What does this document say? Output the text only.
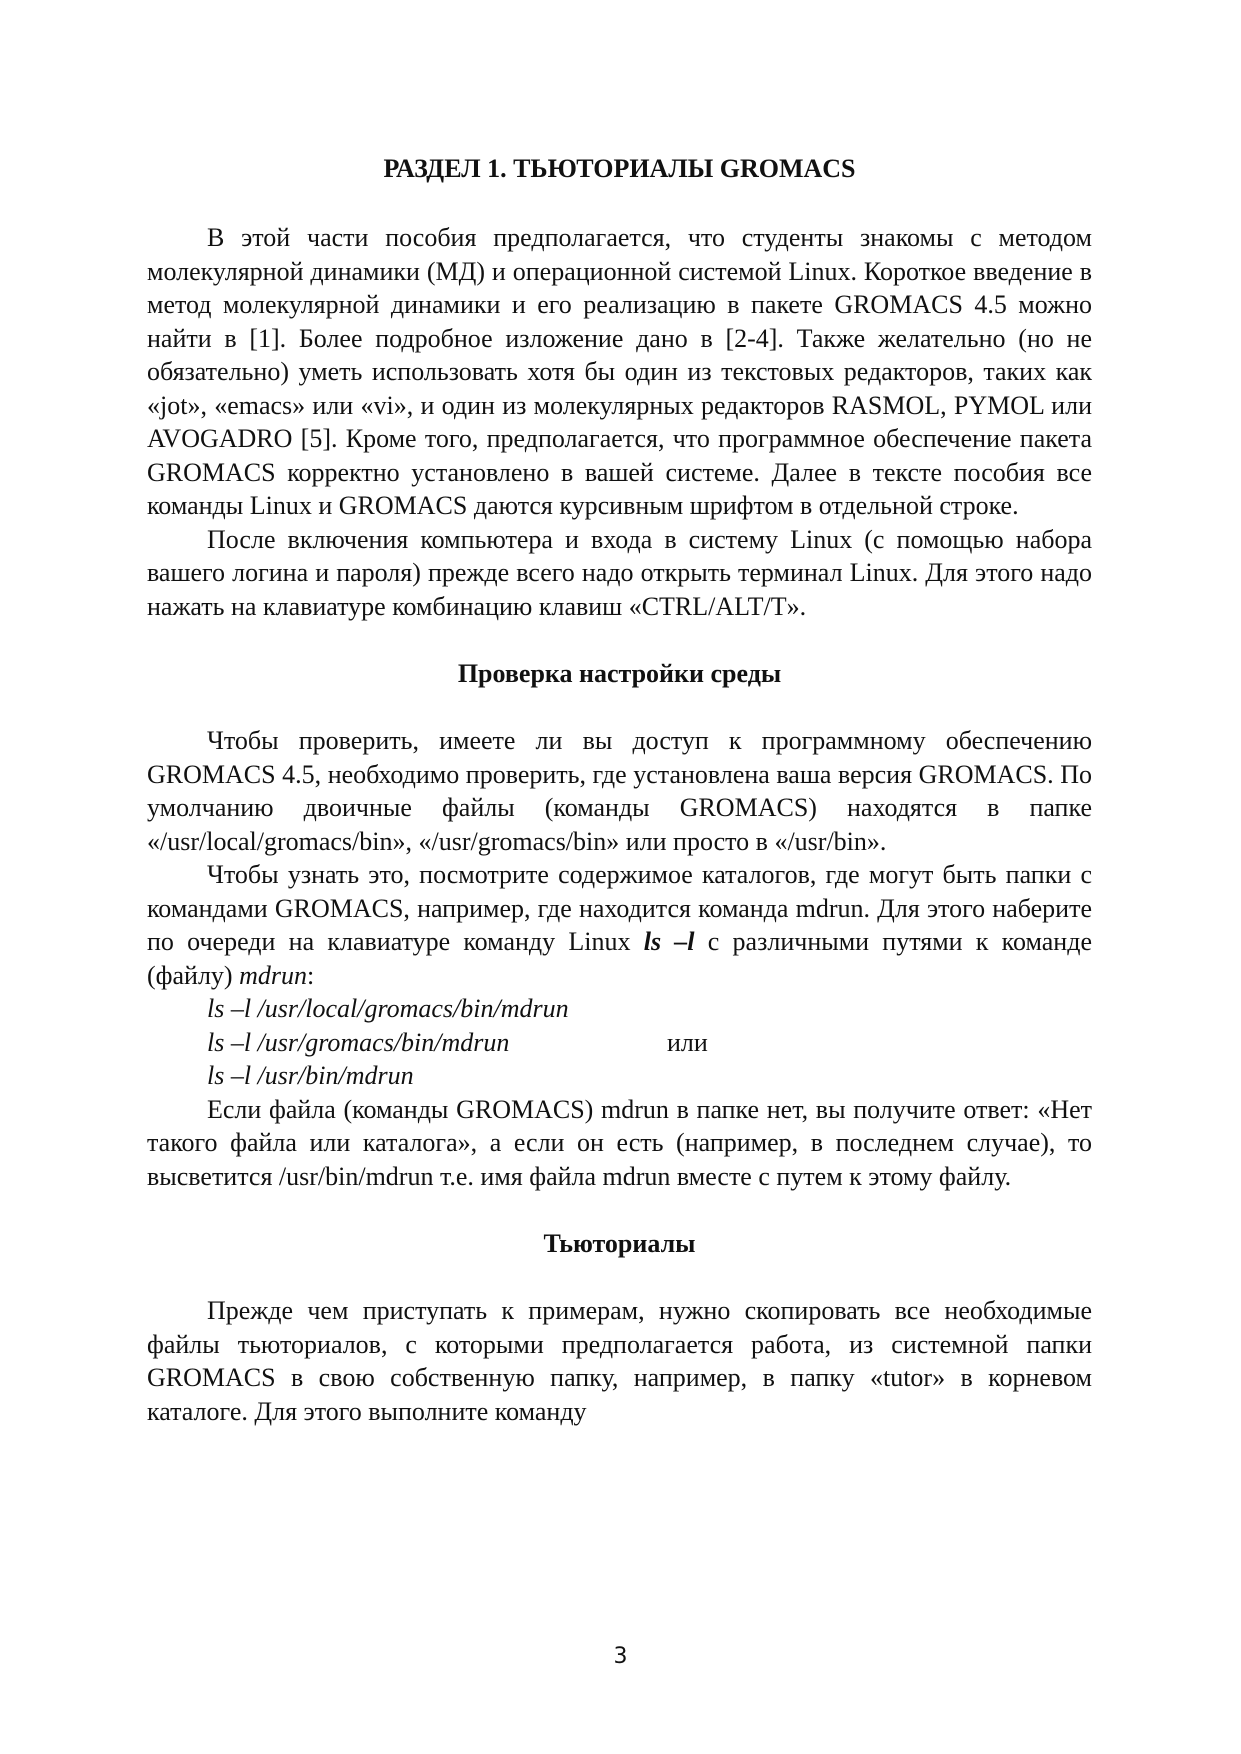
РАЗДЕЛ 1. ТЬЮТОРИАЛЫ GROMACS

В этой части пособия предполагается, что студенты знакомы с методом молекулярной динамики (МД) и операционной системой Linux. Короткое введение в метод молекулярной динамики и его реализацию в пакете GROMACS 4.5 можно найти в [1]. Более подробное изложение дано в [2-4]. Также желательно (но не обязательно) уметь использовать хотя бы один из текстовых редакторов, таких как «jot», «emacs» или «vi», и один из молекулярных редакторов RASMOL, PYMOL или AVOGADRO [5]. Кроме того, предполагается, что программное обеспечение пакета GROMACS корректно установлено в вашей системе. Далее в тексте пособия все команды Linux и GROMACS даются курсивным шрифтом в отдельной строке.

После включения компьютера и входа в систему Linux (с помощью набора вашего логина и пароля) прежде всего надо открыть терминал Linux. Для этого надо нажать на клавиатуре комбинацию клавиш «CTRL/ALT/T».

Проверка настройки среды

Чтобы проверить, имеете ли вы доступ к программному обеспечению GROMACS 4.5, необходимо проверить, где установлена ваша версия GROMACS. По умолчанию двоичные файлы (команды GROMACS) находятся в папке «/usr/local/gromacs/bin», «/usr/gromacs/bin» или просто в «/usr/bin».

Чтобы узнать это, посмотрите содержимое каталогов, где могут быть папки с командами GROMACS, например, где находится команда mdrun. Для этого наберите по очереди на клавиатуре команду Linux ls –l с различными путями к команде (файлу) mdrun:

ls –l /usr/local/gromacs/bin/mdrun
ls –l /usr/gromacs/bin/mdrun	или
ls –l /usr/bin/mdrun

Если файла (команды GROMACS) mdrun в папке нет, вы получите ответ: «Нет такого файла или каталога», а если он есть (например, в последнем случае), то высветится /usr/bin/mdrun т.е. имя файла mdrun вместе с путем к этому файлу.

Тьюториалы

Прежде чем приступать к примерам, нужно скопировать все необходимые файлы тьюториалов, с которыми предполагается работа, из системной папки GROMACS в свою собственную папку, например, в папку «tutor» в корневом каталоге. Для этого выполните команду

3
